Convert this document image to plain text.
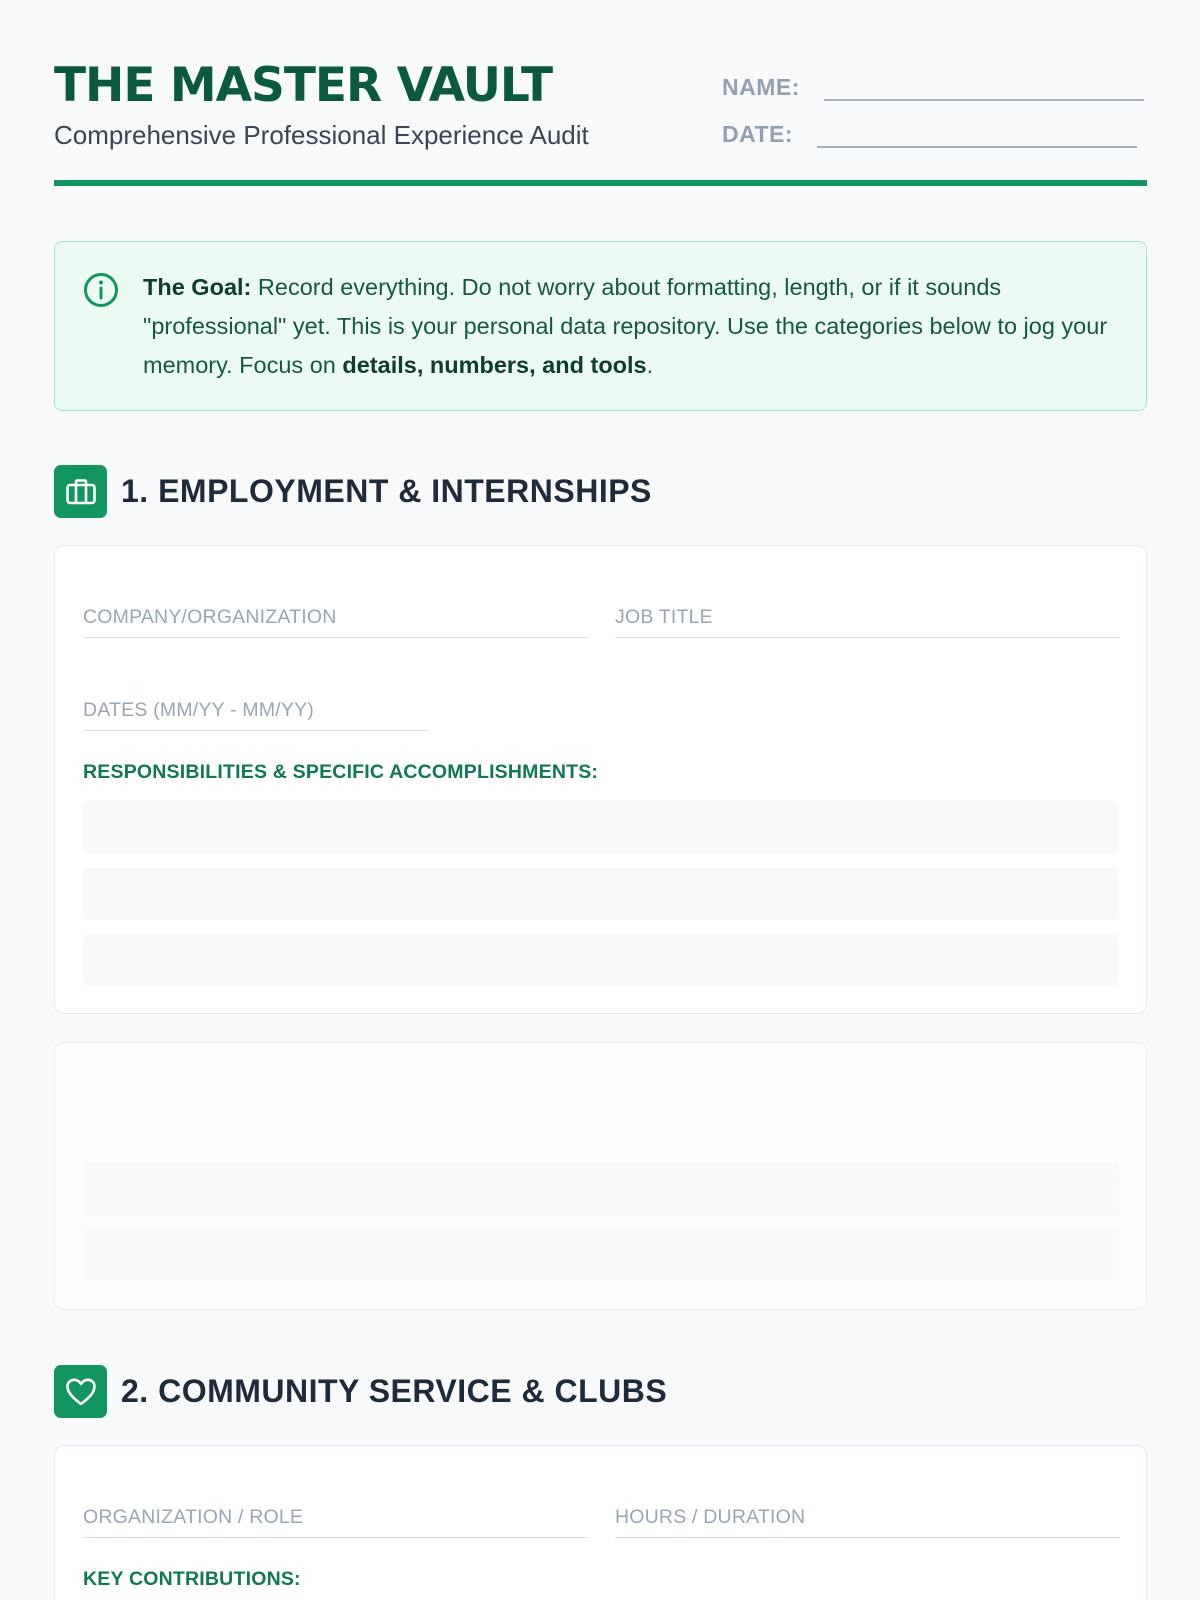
THE MASTER VAULT
Comprehensive Professional Experience Audit
NAME:
DATE:
The Goal: Record everything. Do not worry about formatting, length, or if it sounds "professional" yet. This is your personal data repository. Use the categories below to jog your memory. Focus on details, numbers, and tools.
1. EMPLOYMENT & INTERNSHIPS
COMPANY/ORGANIZATION	JOB TITLE
DATES (MM/YY - MM/YY)
RESPONSIBILITIES & SPECIFIC ACCOMPLISHMENTS:
2. COMMUNITY SERVICE & CLUBS
ORGANIZATION / ROLE	HOURS / DURATION
KEY CONTRIBUTIONS:
